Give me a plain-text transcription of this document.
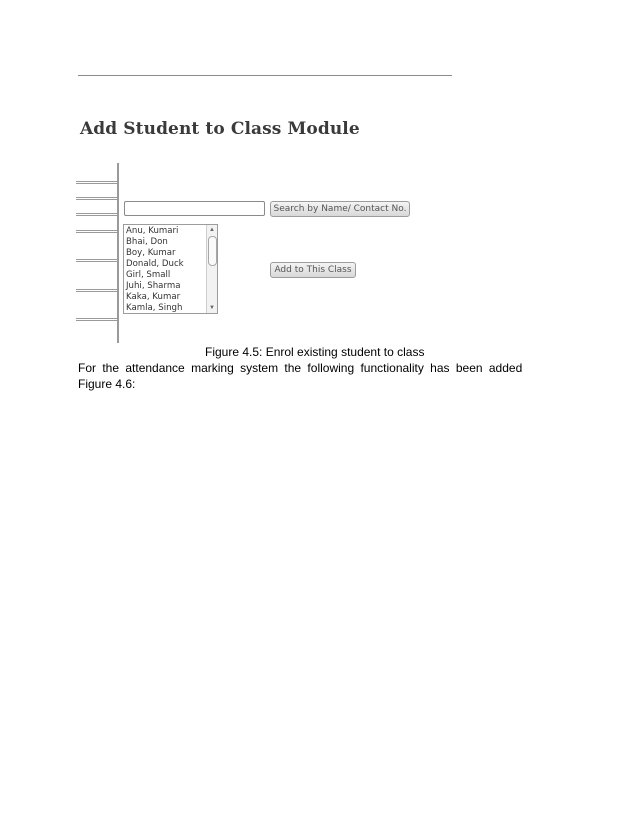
Add Student to Class Module
Search by Name/ Contact No.
Anu, Kumari
Bhai, Don
Boy, Kumar
Donald, Duck
Girl, Small
Juhi, Sharma
Kaka, Kumar
Kamla, Singh
▲
▼
Add to This Class

Figure 4.5: Enrol existing student to class

For the attendance marking system the following functionality has been added
Figure 4.6:
